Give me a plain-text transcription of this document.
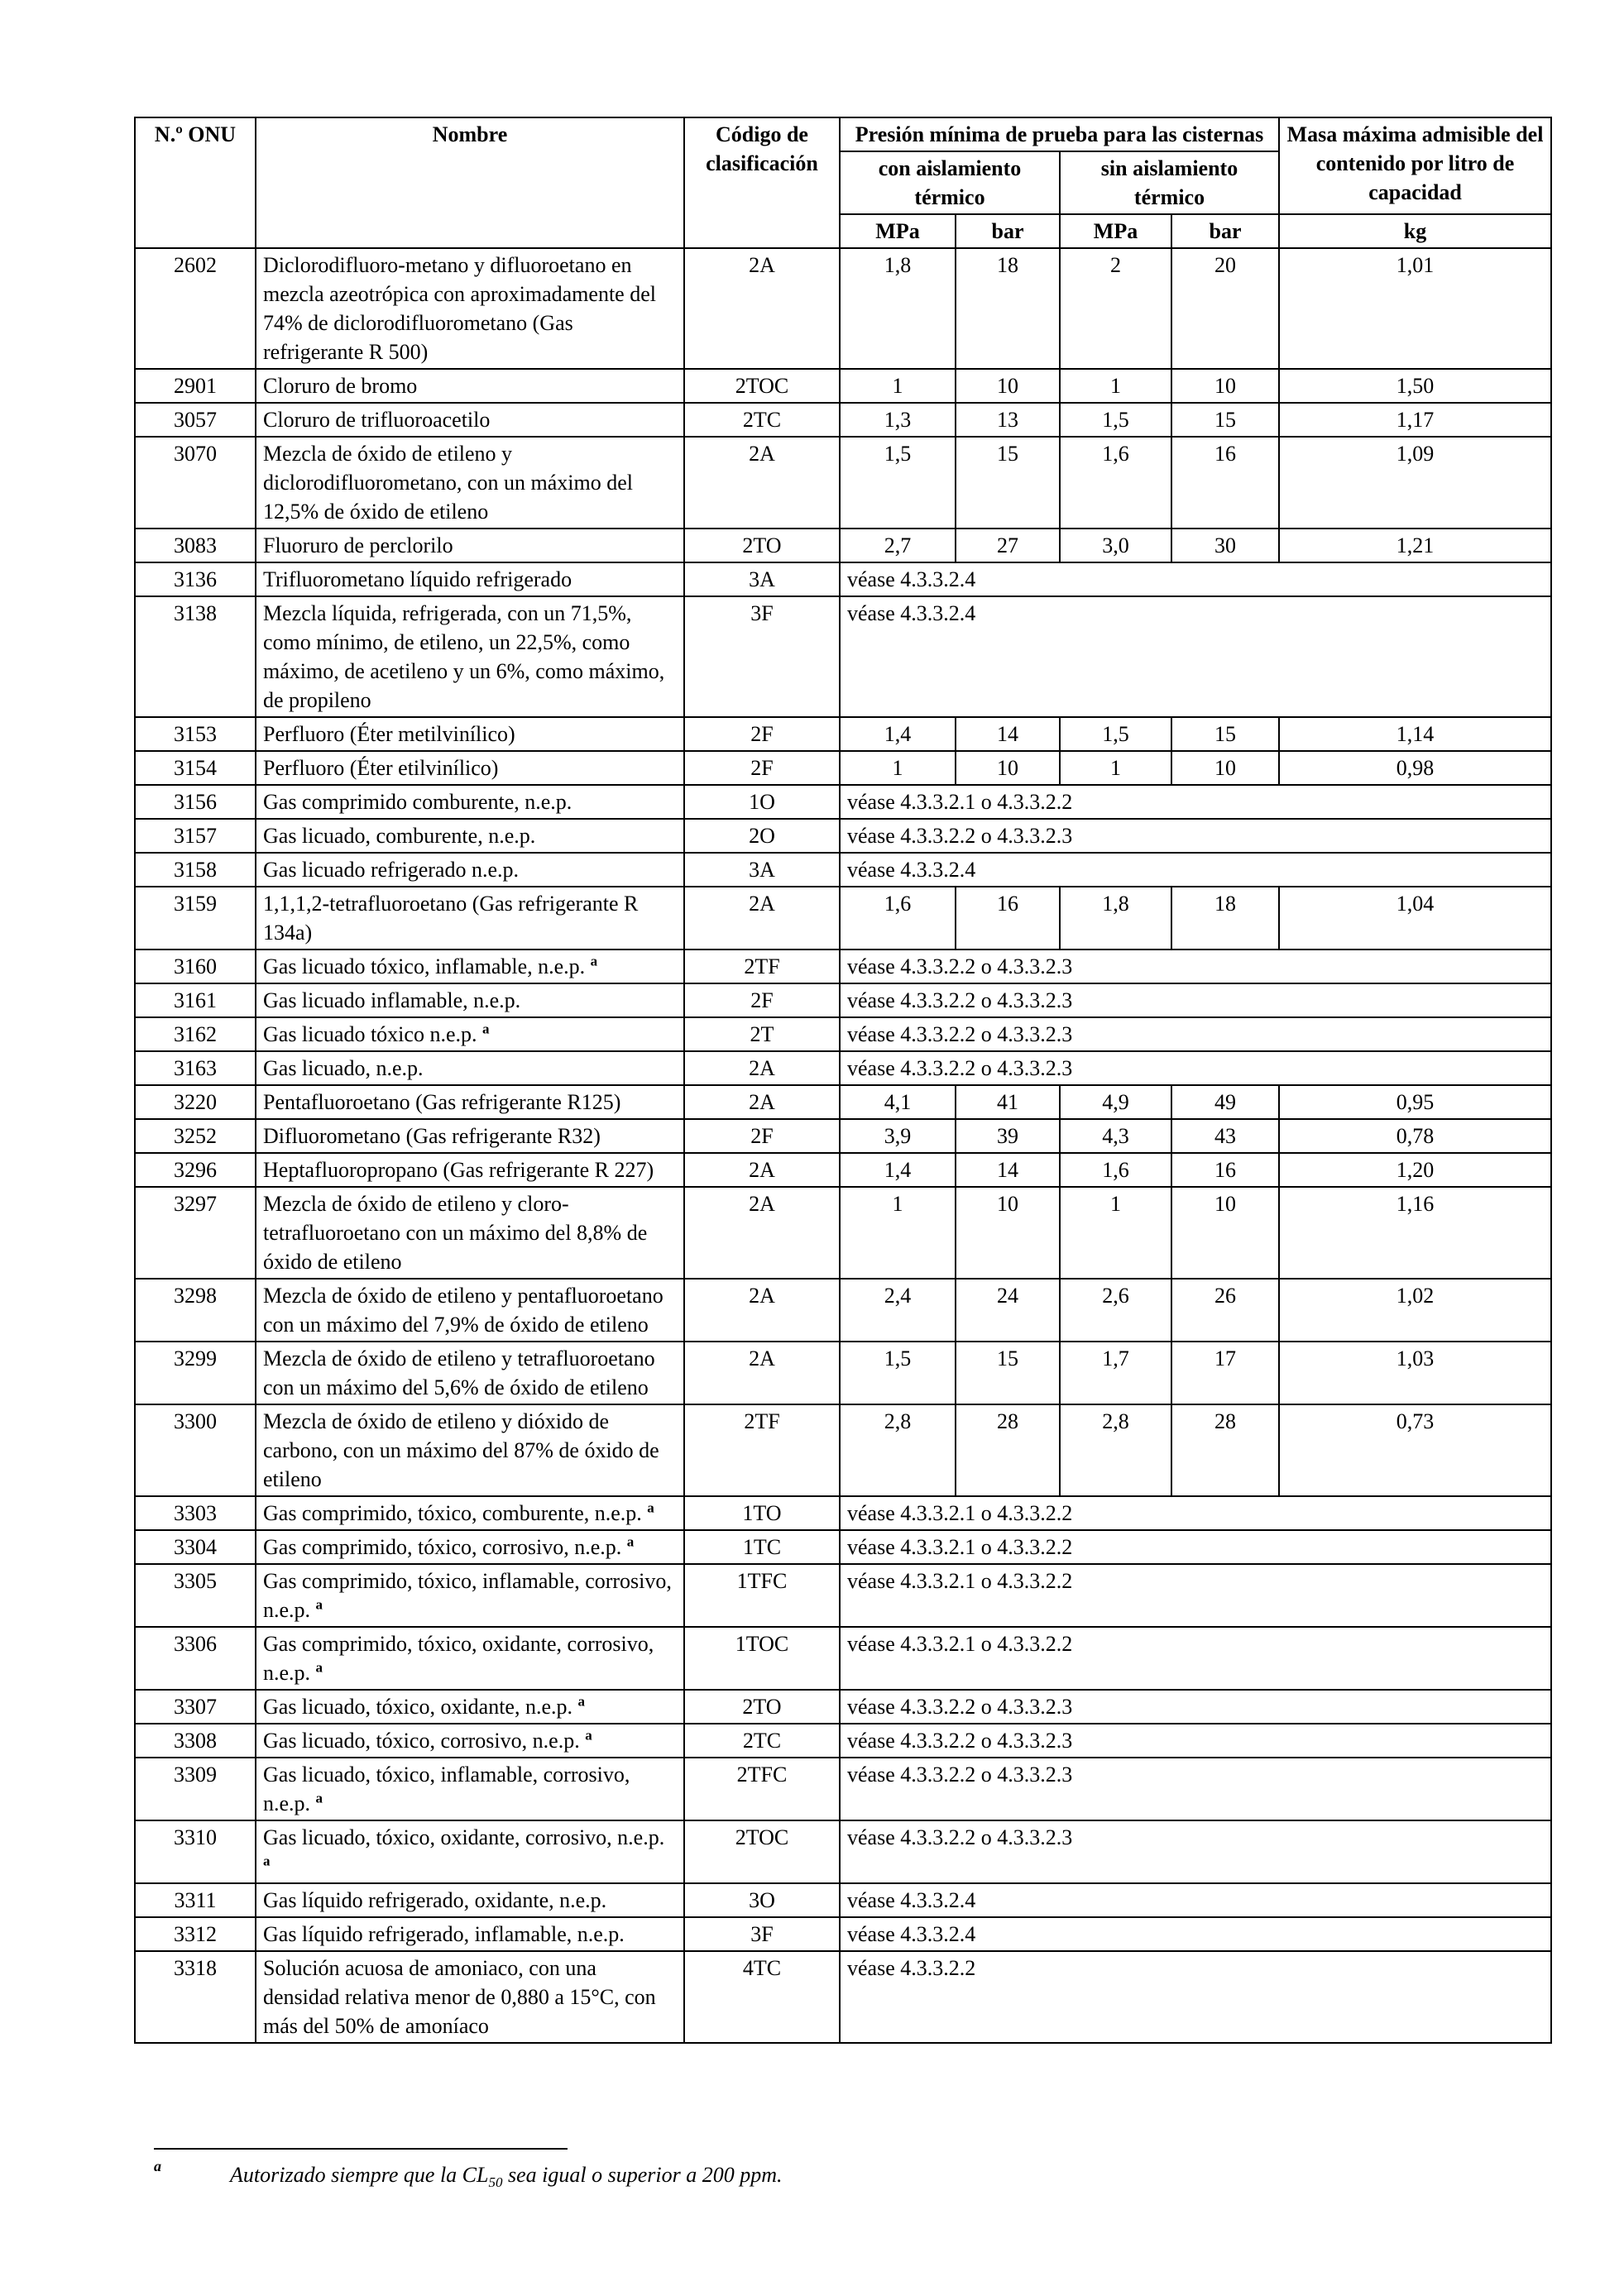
N.º ONU	Nombre	Código de clasificación	Presión mínima de prueba para las cisternas				Masa máxima admisible del contenido por litro de capacidad
			con aislamiento térmico		sin aislamiento térmico		
			MPa	bar	MPa	bar	kg
2602	Diclorodifluoro-metano y difluoroetano en mezcla azeotrópica con aproximadamente del 74% de diclorodifluorometano (Gas refrigerante R 500)	2A	1,8	18	2	20	1,01
2901	Cloruro de bromo	2TOC	1	10	1	10	1,50
3057	Cloruro de trifluoroacetilo	2TC	1,3	13	1,5	15	1,17
3070	Mezcla de óxido de etileno y diclorodifluorometano, con un máximo del 12,5% de óxido de etileno	2A	1,5	15	1,6	16	1,09
3083	Fluoruro de perclorilo	2TO	2,7	27	3,0	30	1,21
3136	Trifluorometano líquido refrigerado	3A	véase 4.3.3.2.4				
3138	Mezcla líquida, refrigerada, con un 71,5%, como mínimo, de etileno, un 22,5%, como máximo, de acetileno y un 6%, como máximo, de propileno	3F	véase 4.3.3.2.4				
3153	Perfluoro (Éter metilvinílico)	2F	1,4	14	1,5	15	1,14
3154	Perfluoro (Éter etilvinílico)	2F	1	10	1	10	0,98
3156	Gas comprimido comburente, n.e.p.	1O	véase 4.3.3.2.1 o 4.3.3.2.2				
3157	Gas licuado, comburente, n.e.p.	2O	véase 4.3.3.2.2 o 4.3.3.2.3				
3158	Gas licuado refrigerado n.e.p.	3A	véase 4.3.3.2.4				
3159	1,1,1,2-tetrafluoroetano (Gas refrigerante R 134a)	2A	1,6	16	1,8	18	1,04
3160	Gas licuado tóxico, inflamable, n.e.p. $^a$	2TF	véase 4.3.3.2.2 o 4.3.3.2.3				
3161	Gas licuado inflamable, n.e.p.	2F	véase 4.3.3.2.2 o 4.3.3.2.3				
3162	Gas licuado tóxico n.e.p. $^a$	2T	véase 4.3.3.2.2 o 4.3.3.2.3				
3163	Gas licuado, n.e.p.	2A	véase 4.3.3.2.2 o 4.3.3.2.3				
3220	Pentafluoroetano (Gas refrigerante R125)	2A	4,1	41	4,9	49	0,95
3252	Difluorometano (Gas refrigerante R32)	2F	3,9	39	4,3	43	0,78
3296	Heptafluoropropano (Gas refrigerante R 227)	2A	1,4	14	1,6	16	1,20
3297	Mezcla de óxido de etileno y cloro-tetrafluoroetano con un máximo del 8,8% de óxido de etileno	2A	1	10	1	10	1,16
3298	Mezcla de óxido de etileno y pentafluoroetano con un máximo del 7,9% de óxido de etileno	2A	2,4	24	2,6	26	1,02
3299	Mezcla de óxido de etileno y tetrafluoroetano con un máximo del 5,6% de óxido de etileno	2A	1,5	15	1,7	17	1,03
3300	Mezcla de óxido de etileno y dióxido de carbono, con un máximo del 87% de óxido de etileno	2TF	2,8	28	2,8	28	0,73
3303	Gas comprimido, tóxico, comburente, n.e.p. $^a$	1TO	véase 4.3.3.2.1 o 4.3.3.2.2				
3304	Gas comprimido, tóxico, corrosivo, n.e.p. $^a$	1TC	véase 4.3.3.2.1 o 4.3.3.2.2				
3305	Gas comprimido, tóxico, inflamable, corrosivo, n.e.p. $^a$	1TFC	véase 4.3.3.2.1 o 4.3.3.2.2				
3306	Gas comprimido, tóxico, oxidante, corrosivo, n.e.p. $^a$	1TOC	véase 4.3.3.2.1 o 4.3.3.2.2				
3307	Gas licuado, tóxico, oxidante, n.e.p. $^a$	2TO	véase 4.3.3.2.2 o 4.3.3.2.3				
3308	Gas licuado, tóxico, corrosivo, n.e.p. $^a$	2TC	véase 4.3.3.2.2 o 4.3.3.2.3				
3309	Gas licuado, tóxico, inflamable, corrosivo, n.e.p. $^a$	2TFC	véase 4.3.3.2.2 o 4.3.3.2.3				
3310	Gas licuado, tóxico, oxidante, corrosivo, n.e.p. $^a$	2TOC	véase 4.3.3.2.2 o 4.3.3.2.3				
3311	Gas líquido refrigerado, oxidante, n.e.p.	3O	véase 4.3.3.2.4				
3312	Gas líquido refrigerado, inflamable, n.e.p.	3F	véase 4.3.3.2.4				
3318	Solución acuosa de amoniaco, con una densidad relativa menor de 0,880 a 15°C, con más del 50% de amoníaco	4TC	véase 4.3.3.2.2				
a	Autorizado siempre que la $CL_{50}$ sea igual o superior a 200 ppm.
